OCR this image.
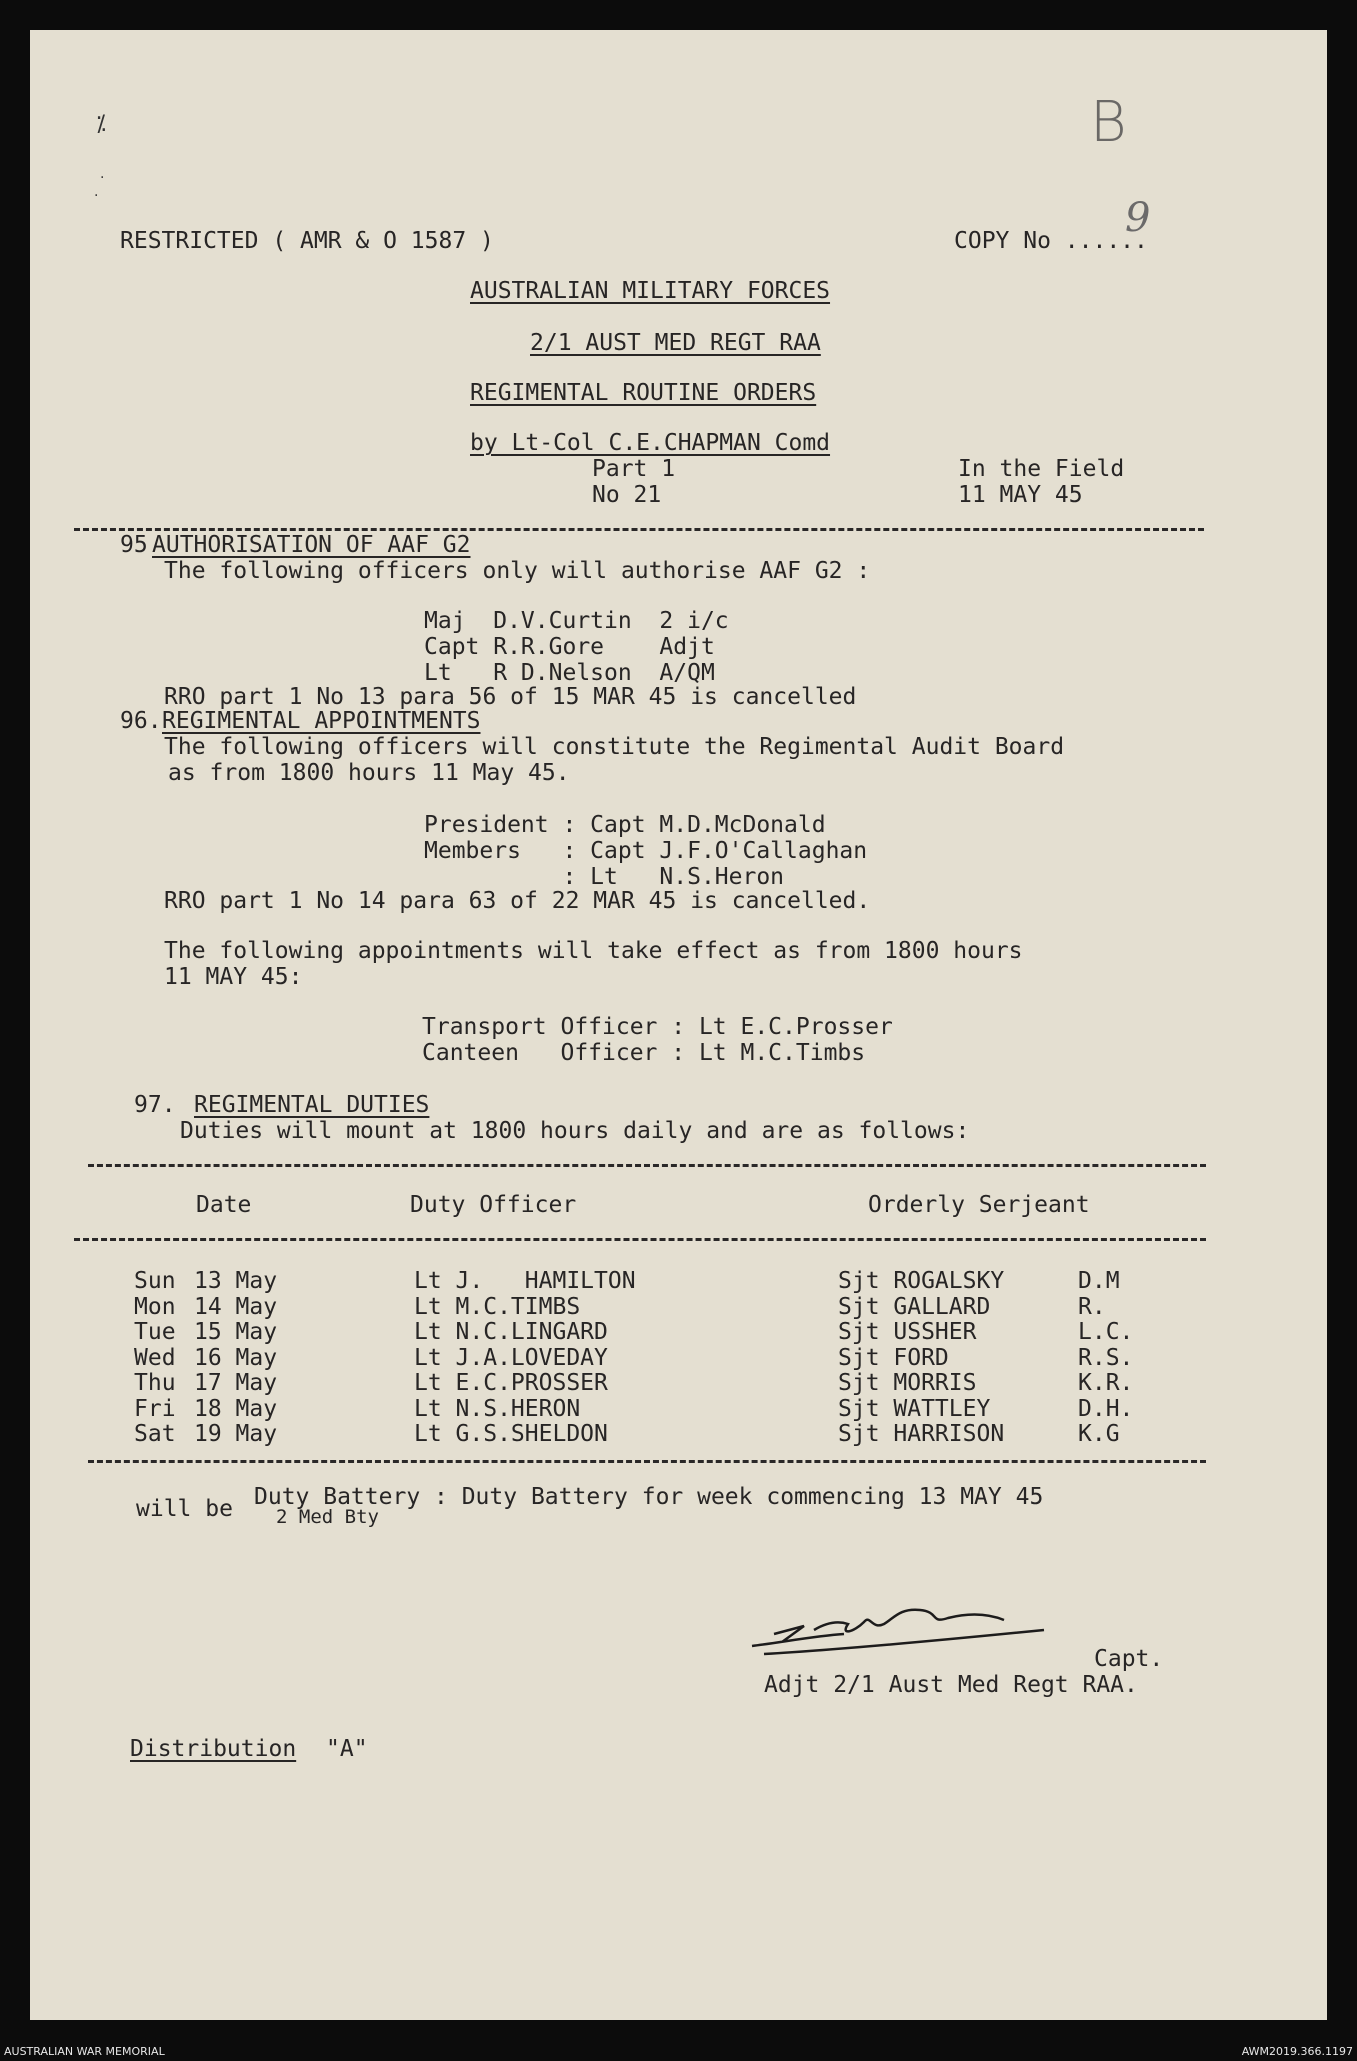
⁒
·
·
B
RESTRICTED ( AMR & O 1587 )	COPY No ......
9
AUSTRALIAN MILITARY FORCES
2/1 AUST MED REGT RAA
REGIMENTAL ROUTINE ORDERS
by Lt-Col C.E.CHAPMAN Comd
Part 1
No 21
In the Field
11 MAY 45
95 AUTHORISATION OF AAF G2
The following officers only will authorise AAF G2 :
Maj  D.V.Curtin  2 i/c
Capt R.R.Gore    Adjt
Lt   R D.Nelson  A/QM
RRO part 1 No 13 para 56 of 15 MAR 45 is cancelled
96. REGIMENTAL APPOINTMENTS
The following officers will constitute the Regimental Audit Board
as from 1800 hours 11 May 45.
President : Capt M.D.McDonald
Members   : Capt J.F.O'Callaghan
: Lt   N.S.Heron
RRO part 1 No 14 para 63 of 22 MAR 45 is cancelled.
The following appointments will take effect as from 1800 hours
11 MAY 45:
Transport Officer : Lt E.C.Prosser
Canteen   Officer : Lt M.C.Timbs
97. REGIMENTAL DUTIES
Duties will mount at 1800 hours daily and are as follows:
Date	Duty Officer	Orderly Serjeant
Sun 13 May	Lt J.   HAMILTON	Sjt ROGALSKY	D.M
Mon 14 May	Lt M.C.TIMBS	Sjt GALLARD	R.
Tue 15 May	Lt N.C.LINGARD	Sjt USSHER	L.C.
Wed 16 May	Lt J.A.LOVEDAY	Sjt FORD	R.S.
Thu 17 May	Lt E.C.PROSSER	Sjt MORRIS	K.R.
Fri 18 May	Lt N.S.HERON	Sjt WATTLEY	D.H.
Sat 19 May	Lt G.S.SHELDON	Sjt HARRISON	K.G
Duty Battery : Duty Battery for week commencing 13 MAY 45
will be 2 Med Bty
Capt.
Adjt 2/1 Aust Med Regt RAA.
Distribution "A"
AUSTRALIAN WAR MEMORIAL	AWM2019.366.1197
